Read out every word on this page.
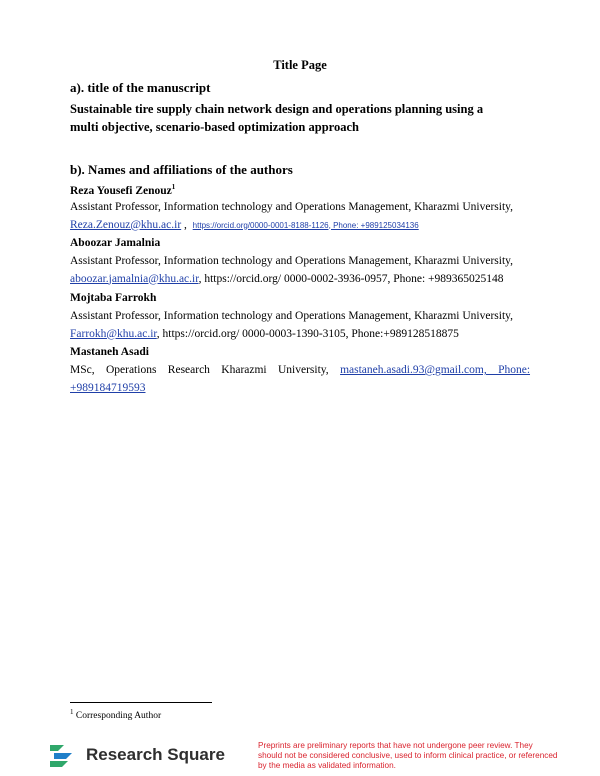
Title Page
a). title of the manuscript
Sustainable tire supply chain network design and operations planning using a
multi objective, scenario-based optimization approach
b). Names and affiliations of the authors
Reza Yousefi Zenouz$^1$
Assistant Professor, Information technology and Operations Management, Kharazmi University,
Reza.Zenouz@khu.ac.ir , https://orcid.org/0000-0001-8188-1126, Phone: +989125034136
Aboozar Jamalnia
Assistant Professor, Information technology and Operations Management, Kharazmi University,
aboozar.jamalnia@khu.ac.ir, https://orcid.org/ 0000-0002-3936-0957, Phone: +989365025148
Mojtaba Farrokh
Assistant Professor, Information technology and Operations Management, Kharazmi University,
Farrokh@khu.ac.ir, https://orcid.org/ 0000-0003-1390-3105, Phone:+989128518875
Mastaneh Asadi
MSc, Operations Research Kharazmi University, mastaneh.asadi.93@gmail.com, Phone:
+989184719593
$^1$ Corresponding Author
Research Square	Preprints are preliminary reports that have not undergone peer review. They should not be considered conclusive, used to inform clinical practice, or referenced by the media as validated information.
